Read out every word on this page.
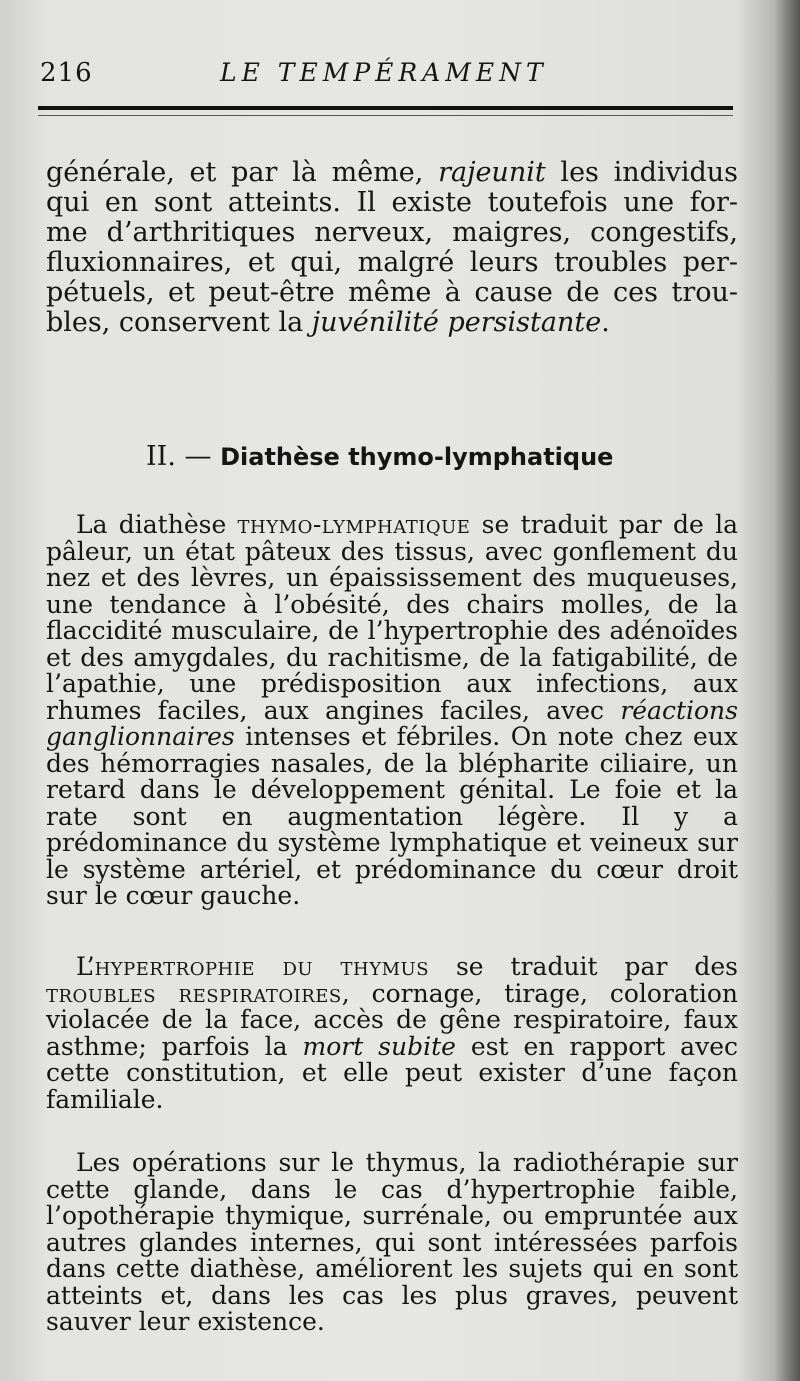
216	LE TEMPÉRAMENT
générale, et par là même, rajeunit les individus
qui en sont atteints. Il existe toutefois une for-
me d’arthritiques nerveux, maigres, congestifs,
fluxionnaires, et qui, malgré leurs troubles per-
pétuels, et peut-être même à cause de ces trou-
bles, conservent la juvénilité persistante.
II. — Diathèse thymo-lymphatique
La diathèse thymo-lymphatique se traduit par de la pâleur, un état pâteux des tissus, avec gonflement du nez et des lèvres, un épaississement des muqueuses, une tendance à l’obésité, des chairs molles, de la flaccidité musculaire, de l’hypertrophie des adénoïdes et des amygdales, du rachitisme, de la fatigabilité, de l’apathie, une prédisposition aux infections, aux rhumes faciles, aux angines faciles, avec réactions ganglionnaires intenses et fébriles. On note chez eux des hémorragies nasales, de la blépharite ciliaire, un retard dans le développement génital. Le foie et la rate sont en augmentation légère. Il y a prédominance du système lymphatique et veineux sur le système artériel, et prédominance du cœur droit sur le cœur gauche.
L’hypertrophie du thymus se traduit par des troubles respiratoires, cornage, tirage, coloration violacée de la face, accès de gêne respiratoire, faux asthme; parfois la mort subite est en rapport avec cette constitution, et elle peut exister d’une façon familiale.
Les opérations sur le thymus, la radiothérapie sur cette glande, dans le cas d’hypertrophie faible, l’opothérapie thymique, surrénale, ou empruntée aux autres glandes internes, qui sont intéressées parfois dans cette diathèse, améliorent les sujets qui en sont atteints et, dans les cas les plus graves, peuvent sauver leur existence.
